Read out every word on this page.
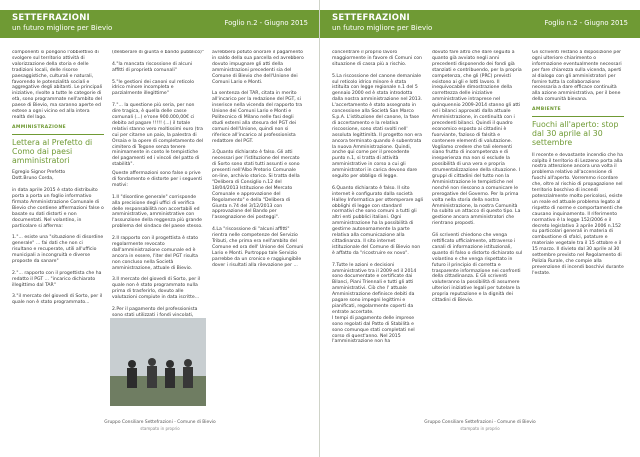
SETTEFRAZIONI
un futuro migliore per Bievio
Foglio n.2 - Giugno 2015

componenti si pongono l'obbiettivo di svolgere sul territorio attività di valorizzazione della storia e delle tradizioni locali, delle risorse paesaggistiche, culturali e naturali, favorendo le potenzialità sociali e aggregative degli abitanti. Le principali iniziative, rivolte a tutte le categorie di età, sono programmate nell'ambito del paese di Bievio, ma saranno aperte ed estese a ogni vicino ed alla intera realtà del lago.

AMMINISTRAZIONE
Lettera al Prefetto di Como dai paesi amministratori

Egregio Signor Prefetto
Dott.Bruno Corda,

in data aprile 2015 è stato distribuito porta a porta un foglio informativo firmato Amministrazione Comunale di Bievio che contiene affermazioni false o basate su dati distorti e non documentati. Nel volantino, in particolare si afferma:

1."... esiste una "situazione di disordine generale" ... fai dati che non ci risultano e recuperate, utili all'ufficio municipali a incongruità e diverse proposte da sanare"

2."... rapporto con il progettista che ha redatto il PGT ... "incarico dichiarato illegittimo dal TAR"

3."il mercato del giovedì di Sorto, per il quale non è stato programmato...

(deliberare di giunta e bando pubblico)"

4."la mancata riscossione di alcuni affitti di proprietà comunali"

5."le gestioni dei canoni sul reticolo idrico minore incompleta e parzialmente illegittime"

7."... la questione più seria, per non dire tragica, è quella delle casse comunali (...) e'rone 900.000,00€ ci debito ad pagare !!!!! (...) il totale relativi stanno vero moltissimi euro (tra cui per citarne un paio, la palestra di Orsaia e la opere di completamento del cimitero di Tegone senza tenere minimamente in conto le tempistiche del pagamenti ed i vincoli del patto di stabilità".

Queste affermazioni sono false o prive di fondamento e distorte per i seguenti motivi:

1.Il "disordine generale" corrisponde alla precisione degli uffici di verifica delle responsabilità non accertabili ed amministrative, amministrative con l'assunzione della reggenza più grande problema del sindaco del paese stesso.

2.Il rapporto con il progettista è stato regolarmente revocato dall'amministrazione comunale ed è ancora in essere, l'iter del PGT risulta non concluso nella Società amministrazione, attuale di Bievio.

3.Il mercato del giovedì di Sorto, per il quale non è stato programmato nulla prima di trasferirlo, dovuto alle valutazioni compiute in data iscritte...

2.Per il pagamento del professionista sono stati utilizzati i fondi vincolati,

avrebbero potuto onorare il pagamento in saldo della sua parcella ed avrebbero dovuto impugnare gli atti della amministrazioni precedenti sia del Comune di Bievio che dell'Unione dei Comuni Lario e Monti.

La sentenza del TAR, citata in merito all'incarico per la redazione del PGT, si inserisce nella vicenda del rapporto tra Unione dei Comuni Lario e Monti e Politecnico di Milano nelle fasi degli studi esterni alla stesura del PGT dei comuni dell'Unione, quindi non si riferisce all'incarico al professionista redattore del PGT.

3.Quanto dichiarato è falso. Gli atti necessari per l'istituzione del mercato di Sorto sono stati tutti assunti e sono presenti nell'Albo Pretorio Comunale on-line, archivio storico. Si tratta della "Delibera di Consiglio n.12 del 18/04/2013 Istituzione del Mercato Comunale e approvazione del Regolamento" e della "Delibera di Giunta n.74 del 3/12/2013 con approvazione del Bando per l'assegnazione dei posteggi".

4.La "riscossione di "alcuni affitti" rientra nelle competenze del Servizio Tributi, che prima era nell'ambito del Comune ed ora dell' Unione dei Comuni Lario e Monti. Purtroppo tale Servizio parrebbe da un cronico e raggiungibile dover i risultati alla rilevazione per ...

Gruppo Consiliare Settefrazioni - Comune di Bievio
stampato in proprio
SETTEFRAZIONI
un futuro migliore per Bievio
Foglio n.2 - Giugno 2015

concentrare il proprio lavoro maggiormente in favore di Comuni con situazione di cassa più a rischio.

5.La riscossione del canone demaniale sul reticolo idrico minore è stata istituita con legge regionale n.1 del 5 gennaio 2000 ed è stata introdotta dalla nostra amministrazione nel 2013. L'accertamento è stato assegnato in concessione alla Società San Marco S.p.A. L'istituzione del canone, la fase di accertamento e la relativa riscossione, sono stati svolti nell' assoluta legittimità. Il progetto non era ancora terminato quando è subentrata la nuova Amministrazione. Quindi, anche qui come per il precedente punto n.1, si tratta di attività amministrative in corso a cui gli amministratori in carica devono dare seguito per obbligo di legge.

6.Quanto dichiarato è falso. Il sito internet è configurato dalla società Halley Informatica per ottemperare agli obblighi di legge con standard normativi che sono comuni a tutti gli altri enti pubblici italiani. Ogni amministrazione ha la possibilità di gestirne autonomamente la parte relativa alla comunicazione alla cittadinanza. Il sito internet istituzionale del Comune di Bievio non è affatto da "ricostruire ex novo".

7.Tutte le azioni e decisioni amministrative tra il 2009 ed il 2014 sono documentate e certificate dai Bilanci, Piani Triennali e tutti gli atti amministrativi. Ciò che l' attuale Amministrazione definisce debiti da pagare sono impegni legittimi e pianificati, regolarmente coperti da entrate accertate.
I tempi di pagamento delle imprese sono regolati dal Patto di Stabilità e sono comunque stati completati nel corso di quest'anno. Nel 2015 l'amministrazione non ha

dovuto fare altro che dare seguito a quanto già avviato negli anni precedenti disponendo dei fondi già stanziati e contribuendo, per la propria competenza, che gli (PRC) previsti esistono ai gli e lotti lavoro. Il inequivocabile dimostrazione della correttezza delle iniziative amministrative intraprese nel quinquennio 2009-2014 stanno gli atti ed i bilanci approvati dalla attuale Amministrazione, in continuità con i precedenti bilanci. Quindi il quadro economico esposto ai cittadini è fuorviante, fazioso di falsità e contenere elementi di valutazione. Vogliamo credere che tali elementi siano frutto di incompetenza e di inesperienza ma non si esclude la possibilità di una vera e propria strumentalizzazione della situazione. I gruppi di cittadini del tutto non la Amministrazione le tempistiche nel nonché non riescono a comunicare le prerogative del Governo. Per la prima volta nella storia della nostra Amministrazione, la nostra Comunità ha subito un attacco di questo tipo. La gestione ancora amministratori che rientrano proposti.

Gli scriventi chiedono che venga rettificato ufficialmente, attraverso i canali di informazione istituzionali, quanto di falso o distorto dichiarato sul volantino e che venga rispettato in futuro il principio di corretta e trasparente informazione nei confronti della cittadinanza. E Gli scriventi valuteranno la possibilità di assumere ulteriori iniziative legali per tutelare la propria reputazione e la dignità dei cittadini di Bievio.

Gli scriventi restano a disposizione per ogni ulteriore chiarimento o informazione eventualmente necessari per fare chiarezza sulla vicenda, aperti al dialogo con gli amministratori per fornire tutta la collaborazione necessaria a dare efficace continuità alla azione amministrativa, per il bene della comunità bievana.

AMBIENTE
Fuochi all'aperto: stop dal 30 aprile al 30 settembre

Il recente e devastante incendio che ha colpito il territorio di Lezzeno porta alla nostra attenzione ancora una volta il problema relativo all'accensione di fuochi all'aperto. Vorremmo ricordare che, oltre al rischio di propagazione nel territorio boschivo di incendi potenzialmente molto pericolosi, esiste un reale ed attuale problema legato al rispetto di norme e comportamenti che causano inquinamento. Il riferimento normativo è la legge 152/2006 e il decreto legislativo 3 aprile 2006 n.152 su particolari generali in materia di combustione di sfalci, potature e materiale vegetale tra il 15 ottobre e il 15 marzo. Il divieto dal 30 aprile al 30 settembre previsto nel Regolamento di Polizia Rurale, che compie alla prevenzione di incendi boschivi durante l'estate.

Gruppo Consiliare Settefrazioni - Comune di Bievio
stampato in proprio
